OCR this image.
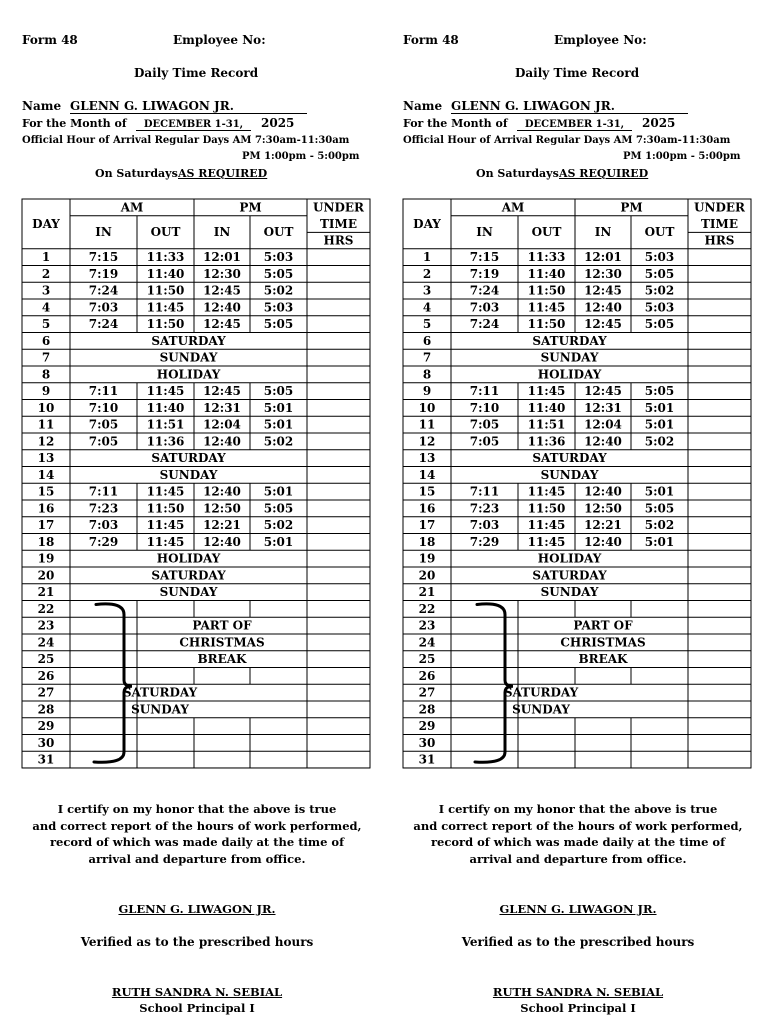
Form 48	Employee No:
Daily Time Record
Name GLENN G. LIWAGON JR.
For the Month of	DECEMBER 1-31,	2025
Official Hour of Arrival Regular Days AM 7:30am-11:30am
PM 1:00pm - 5:00pm
On Saturdays AS REQUIRED
DAY
AM	PM
IN	OUT	IN	OUT
UNDER
TIME
HRS
1	7:15 11:33 12:01 5:03
2	7:19 11:40 12:30 5:05
3	7:24 11:50 12:45 5:02
4	7:03 11:45 12:40 5:03
5	7:24 11:50 12:45 5:05
6	SATURDAY
7	SUNDAY
8	HOLIDAY
9	7:11 11:45 12:45 5:05
10	7:10 11:40 12:31 5:01
11	7:05 11:51 12:04 5:01
12	7:05 11:36 12:40 5:02
13	SATURDAY
14	SUNDAY
15	7:11 11:45 12:40 5:01
16	7:23 11:50 12:50 5:05
17	7:03 11:45 12:21 5:02
18	7:29 11:45 12:40 5:01
19	HOLIDAY
20	SATURDAY
21	SUNDAY
22
23	PART OF
24	CHRISTMAS
25	BREAK
26
27	SATURDAY
28	SUNDAY
29
30
31
I certify on my honor that the above is true
and correct report of the hours of work performed,
record of which was made daily at the time of
arrival and departure from office.
GLENN G. LIWAGON JR.
Verified as to the prescribed hours
RUTH SANDRA N. SEBIAL
School Principal I
Form 48	Employee No:
Daily Time Record
Name GLENN G. LIWAGON JR.
For the Month of	DECEMBER 1-31,	2025
Official Hour of Arrival Regular Days AM 7:30am-11:30am
PM 1:00pm - 5:00pm
On Saturdays AS REQUIRED
DAY
AM	PM
IN	OUT	IN	OUT
UNDER
TIME
HRS
1	7:15 11:33 12:01 5:03
2	7:19 11:40 12:30 5:05
3	7:24 11:50 12:45 5:02
4	7:03 11:45 12:40 5:03
5	7:24 11:50 12:45 5:05
6	SATURDAY
7	SUNDAY
8	HOLIDAY
9	7:11 11:45 12:45 5:05
10	7:10 11:40 12:31 5:01
11	7:05 11:51 12:04 5:01
12	7:05 11:36 12:40 5:02
13	SATURDAY
14	SUNDAY
15	7:11 11:45 12:40 5:01
16	7:23 11:50 12:50 5:05
17	7:03 11:45 12:21 5:02
18	7:29 11:45 12:40 5:01
19	HOLIDAY
20	SATURDAY
21	SUNDAY
22
23	PART OF
24	CHRISTMAS
25	BREAK
26
27	SATURDAY
28	SUNDAY
29
30
31
I certify on my honor that the above is true
and correct report of the hours of work performed,
record of which was made daily at the time of
arrival and departure from office.
GLENN G. LIWAGON JR.
Verified as to the prescribed hours
RUTH SANDRA N. SEBIAL
School Principal I
